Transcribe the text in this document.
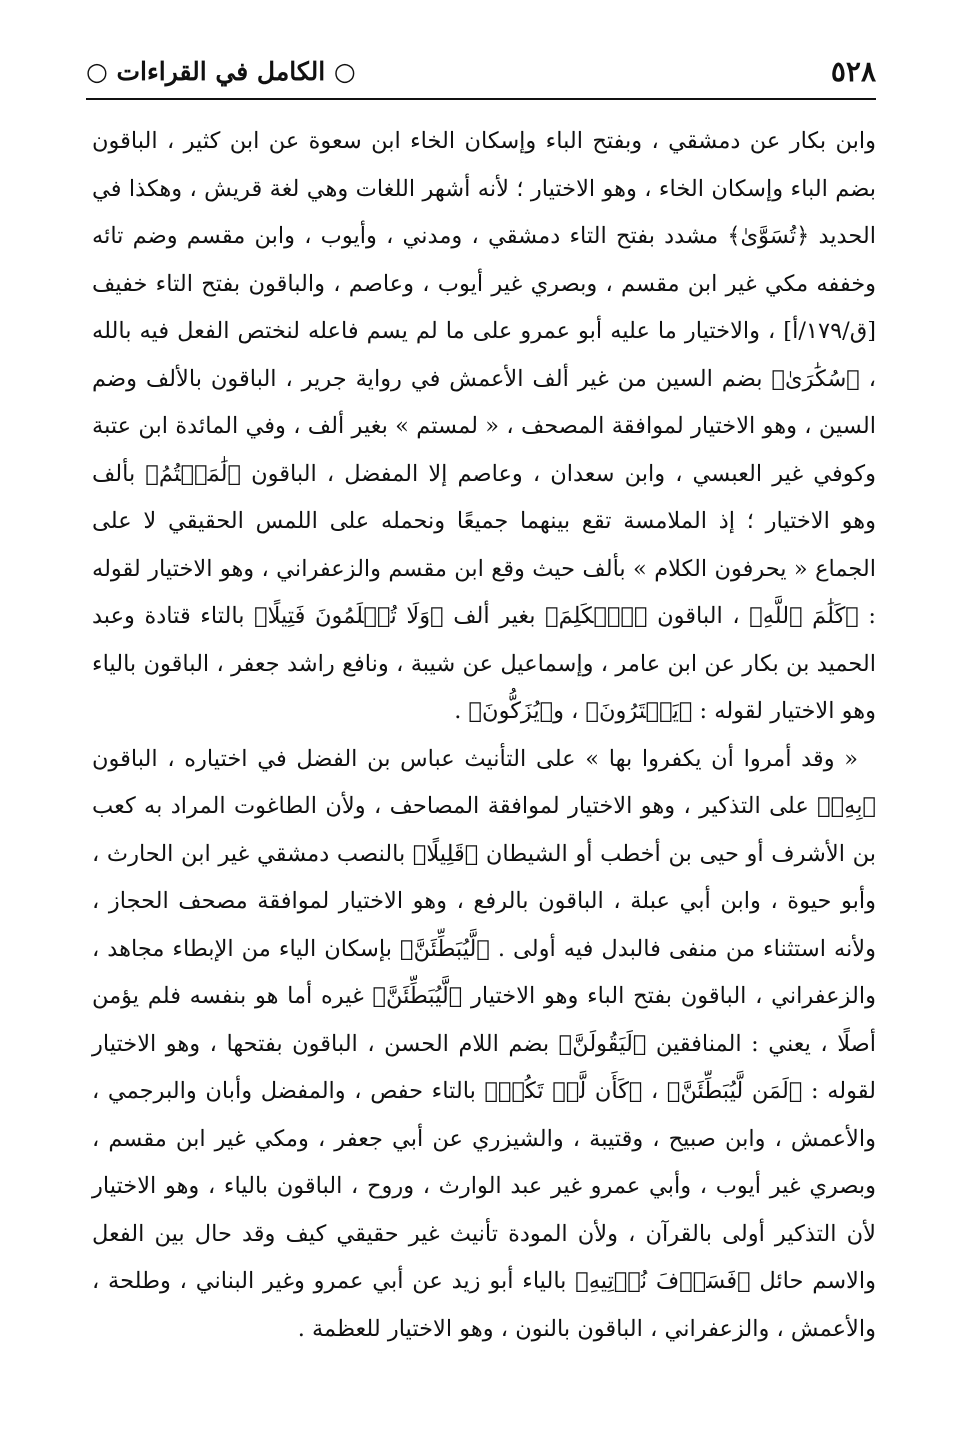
٥٢٨
○ الكامل في القراءات ○

وابن بكار عن دمشقي ، وبفتح الباء وإسكان الخاء ابن سعوة عن ابن كثير ، الباقون بضم الباء وإسكان الخاء ، وهو الاختيار ؛ لأنه أشهر اللغات وهي لغة قريش ، وهكذا في الحديد ﴿تُسَوَّىٰ﴾ مشدد بفتح التاء دمشقي ، ومدني ، وأيوب ، وابن مقسم وضم تائه وخففه مكي غير ابن مقسم ، وبصري غير أيوب ، وعاصم ، والباقون بفتح التاء خفيف [ق/١٧٩/أ] ، والاختيار ما عليه أبو عمرو على ما لم يسم فاعله لنختص الفعل فيه بالله ، ﴿سُكَٰرَىٰ﴾ بضم السين من غير ألف الأعمش في رواية جرير ، الباقون بالألف وضم السين ، وهو الاختيار لموافقة المصحف ، « لمستم » بغير ألف ، وفي المائدة ابن عتبة وكوفي غير العبسي ، وابن سعدان ، وعاصم إلا المفضل ، الباقون ﴿لَٰمَسۡتُمُ﴾ بألف وهو الاختيار ؛ إذ الملامسة تقع بينهما جميعًا ونحمله على اللمس الحقيقي لا على الجماع « يحرفون الكلام » بألف حيث وقع ابن مقسم والزعفراني ، وهو الاختيار لقوله : ﴿كَلَٰمَ ٱللَّهِ﴾ ، الباقون ﴿ٱلۡكَلِمَ﴾ بغير ألف ﴿وَلَا تُظۡلَمُونَ فَتِيلًا﴾ بالتاء قتادة وعبد الحميد بن بكار عن ابن عامر ، وإسماعيل عن شيبة ، ونافع راشد جعفر ، الباقون بالياء وهو الاختيار لقوله : ﴿يَفۡتَرُونَ﴾ ، و﴿يُزَكُّونَ﴾ .

« وقد أمروا أن يكفروا بها » على التأنيث عباس بن الفضل في اختياره ، الباقون ﴿بِهِۦ﴾ على التذكير ، وهو الاختيار لموافقة المصاحف ، ولأن الطاغوت المراد به كعب بن الأشرف أو حيى بن أخطب أو الشيطان ﴿قَلِيلًا﴾ بالنصب دمشقي غير ابن الحارث ، وأبو حيوة ، وابن أبي عبلة ، الباقون بالرفع ، وهو الاختيار لموافقة مصحف الحجاز ، ولأنه استثناء من منفى فالبدل فيه أولى . ﴿لَّيُبَطِّئَنَّ﴾ بإسكان الياء من الإبطاء مجاهد ، والزعفراني ، الباقون بفتح الباء وهو الاختيار ﴿لَّيُبَطِّئَنَّ﴾ غيره أما هو بنفسه فلم يؤمن أصلًا ، يعني : المنافقين ﴿لَيَقُولَنَّ﴾ بضم اللام الحسن ، الباقون بفتحها ، وهو الاختيار لقوله : ﴿لَمَن لَّيُبَطِّئَنَّ﴾ ، ﴿كَأَن لَّمۡ تَكُنۢ﴾ بالتاء حفص ، والمفضل وأبان والبرجمي ، والأعمش ، وابن صبيح ، وقتيبة ، والشيزري عن أبي جعفر ، ومكي غير ابن مقسم ، وبصري غير أيوب ، وأبي عمرو غير عبد الوارث ، وروح ، الباقون بالياء ، وهو الاختيار لأن التذكير أولى بالقرآن ، ولأن المودة تأنيث غير حقيقي كيف وقد حال بين الفعل والاسم حائل ﴿فَسَوۡفَ نُؤۡتِيهِ﴾ بالياء أبو زيد عن أبي عمرو وغير البناني ، وطلحة ، والأعمش ، والزعفراني ، الباقون بالنون ، وهو الاختيار للعظمة .
